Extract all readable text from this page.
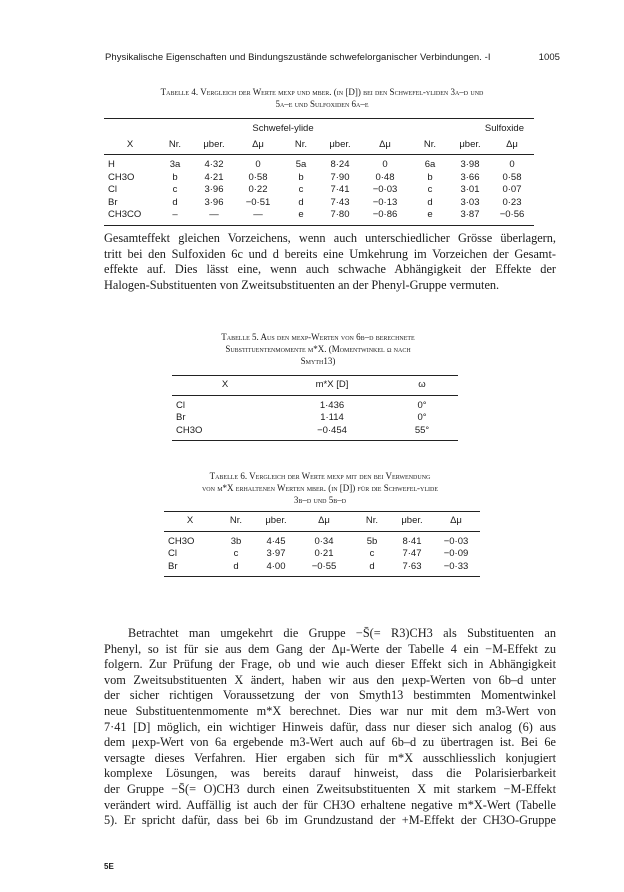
Physikalische Eigenschaften und Bindungszustände schwefelorganischer Verbindungen. -I	1005
Tabelle 4. Vergleich der Werte μexp und μber. (in [D]) bei den Schwefel-yliden 3a–d und
5a–e und Sulfoxiden 6a–e
	Schwefel-ylide						Sulfoxide		
X	Nr.	μber.	Δμ	Nr.	μber.	Δμ	Nr.	μber.	Δμ
H	3a	4·32	0	5a	8·24	0	6a	3·98	0
CH3O	b	4·21	0·58	b	7·90	0·48	b	3·66	0·58
Cl	c	3·96	0·22	c	7·41	−0·03	c	3·01	0·07
Br	d	3·96	−0·51	d	7·43	−0·13	d	3·03	0·23
CH3CO	–	—	—	e	7·80	−0·86	e	3·87	−0·56
Gesamteffekt gleichen Vorzeichens, wenn auch unterschiedlicher Grösse überlagern,
tritt bei den Sulfoxiden 6c und d bereits eine Umkehrung im Vorzeichen der Gesamt-
effekte auf. Dies lässt eine, wenn auch schwache Abhängigkeit der Effekte der
Halogen-Substituenten von Zweitsubstituenten an der Phenyl-Gruppe vermuten.
Tabelle 5. Aus den μexp-Werten von 6b–d berechnete
Substituentenmomente m*X. (Momentwinkel ω nach
Smyth13)
X	m*X [D]	ω
Cl	1·436	0°
Br	1·114	0°
CH3O	−0·454	55°
Tabelle 6. Vergleich der Werte μexp mit den bei Verwendung
von m*X erhaltenen Werten μber. (in [D]) für die Schwefel-ylide
3b–d und 5b–d
X	Nr.	μber.	Δμ	Nr.	μber.	Δμ
CH3O	3b	4·45	0·34	5b	8·41	−0·03
Cl	c	3·97	0·21	c	7·47	−0·09
Br	d	4·00	−0·55	d	7·63	−0·33
Betrachtet man umgekehrt die Gruppe −S̄(= R3)CH3 als Substituenten an
Phenyl, so ist für sie aus dem Gang der Δμ-Werte der Tabelle 4 ein −M-Effekt zu
folgern. Zur Prüfung der Frage, ob und wie auch dieser Effekt sich in Abhängigkeit
vom Zweitsubstituenten X ändert, haben wir aus den μexp-Werten von 6b–d unter
der sicher richtigen Voraussetzung der von Smyth13 bestimmten Momentwinkel
neue Substituentenmomente m*X berechnet. Dies war nur mit dem m3-Wert von
7·41 [D] möglich, ein wichtiger Hinweis dafür, dass nur dieser sich analog (6) aus
dem μexp-Wert von 6a ergebende m3-Wert auch auf 6b–d zu übertragen ist. Bei 6e
versagte dieses Verfahren. Hier ergaben sich für m*X ausschliesslich konjugiert
komplexe Lösungen, was bereits darauf hinweist, dass die Polarisierbarkeit
der Gruppe −S̄(= O)CH3 durch einen Zweitsubstituenten X mit starkem −M-Effekt
verändert wird. Auffällig ist auch der für CH3O erhaltene negative m*X-Wert (Tabelle
5). Er spricht dafür, dass bei 6b im Grundzustand der +M-Effekt der CH3O-Gruppe
5E
